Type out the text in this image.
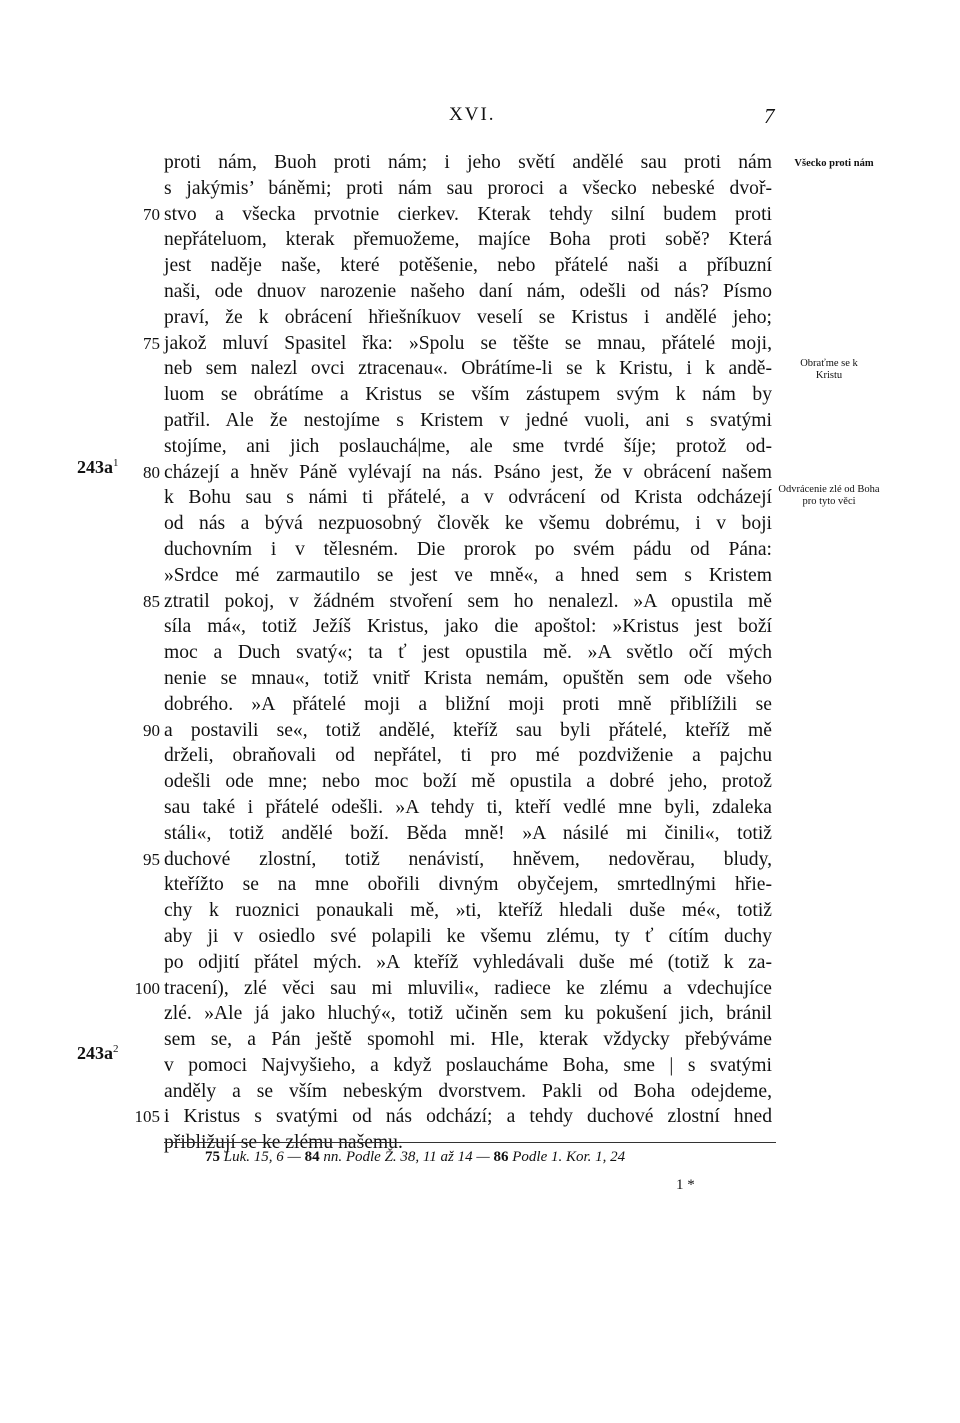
XVI.	7
proti nám, Buoh proti nám; i jeho světí andělé sau proti nám
s jakýmis’ báněmi; proti nám sau proroci a všecko nebeské dvoř-
stvo a všecka prvotnie cierkev. Kterak tehdy silní budem proti
70
nepřáteluom, kterak přemuožeme, majíce Boha proti sobě? Která
jest naděje naše, které potěšenie, nebo přátelé naši a příbuzní
naši, ode dnuov narozenie našeho daní nám, odešli od nás? Písmo
praví, že k obrácení hřiešníkuov veselí se Kristus i andělé jeho;
jakož mluví Spasitel řka: »Spolu se těšte se mnau, přátelé moji,
75
neb sem nalezl ovci ztracenau«. Obrátíme-li se k Kristu, i k andě-
luom se obrátíme a Kristus se vším zástupem svým k nám by
patřil. Ale že nestojíme s Kristem v jedné vuoli, ani s svatými
stojíme, ani jich poslauchá|me, ale sme tvrdé šíje; protož od-
cházejí a hněv Páně vylévají na nás. Psáno jest, že v obrácení našem
80
k Bohu sau s námi ti přátelé, a v odvrácení od Krista odcházejí
od nás a bývá nezpuosobný člověk ke všemu dobrému, i v boji
duchovním i v tělesném. Die prorok po svém pádu od Pána:
»Srdce mé zarmautilo se jest ve mně«, a hned sem s Kristem
ztratil pokoj, v žádném stvoření sem ho nenalezl. »A opustila mě
85
síla má«, totiž Ježíš Kristus, jako die apoštol: »Kristus jest boží
moc a Duch svatý«; ta ť jest opustila mě. »A světlo očí mých
nenie se mnau«, totiž vnitř Krista nemám, opuštěn sem ode všeho
dobrého. »A přátelé moji a bližní moji proti mně přiblížili se
a postavili se«, totiž andělé, kteříž sau byli přátelé, kteříž mě
90
drželi, obraňovali od nepřátel, ti pro mé pozdviženie a pajchu
odešli ode mne; nebo moc boží mě opustila a dobré jeho, protož
sau také i přátelé odešli. »A tehdy ti, kteří vedlé mne byli, zdaleka
stáli«, totiž andělé boží. Běda mně! »A násilé mi činili«, totiž
duchové zlostní, totiž nenávistí, hněvem, nedověrau, bludy,
95
kteřížto se na mne obořili divným obyčejem, smrtedlnými hřie-
chy k ruoznici ponaukali mě, »ti, kteříž hledali duše mé«, totiž
aby ji v osiedlo své polapili ke všemu zlému, ty ť cítím duchy
po odjití přátel mých. »A kteříž vyhledávali duše mé (totiž k za-
tracení), zlé věci sau mi mluvili«, radiece ke zlému a vdechujíce
100
zlé. »Ale já jako hluchý«, totiž učiněn sem ku pokušení jich, bránil
sem se, a Pán ještě spomohl mi. Hle, kterak vždycky přebýváme
v pomoci Najvyšieho, a když poslaucháme Boha, sme | s svatými
anděly a se vším nebeským dvorstvem. Pakli od Boha odejdeme,
i Kristus s svatými od nás odchází; a tehdy duchové zlostní hned
105
přibližují se ke zlému našemu.
$243a^1$
$243a^2$
Všecko proti nám
Obraťme se k Kristu
Odvrácenie zlé od Boha pro tyto věci
75 Luk. 15, 6 — 84 nn. Podle Ž. 38, 11 až 14 — 86 Podle 1. Kor. 1, 24
1 *
